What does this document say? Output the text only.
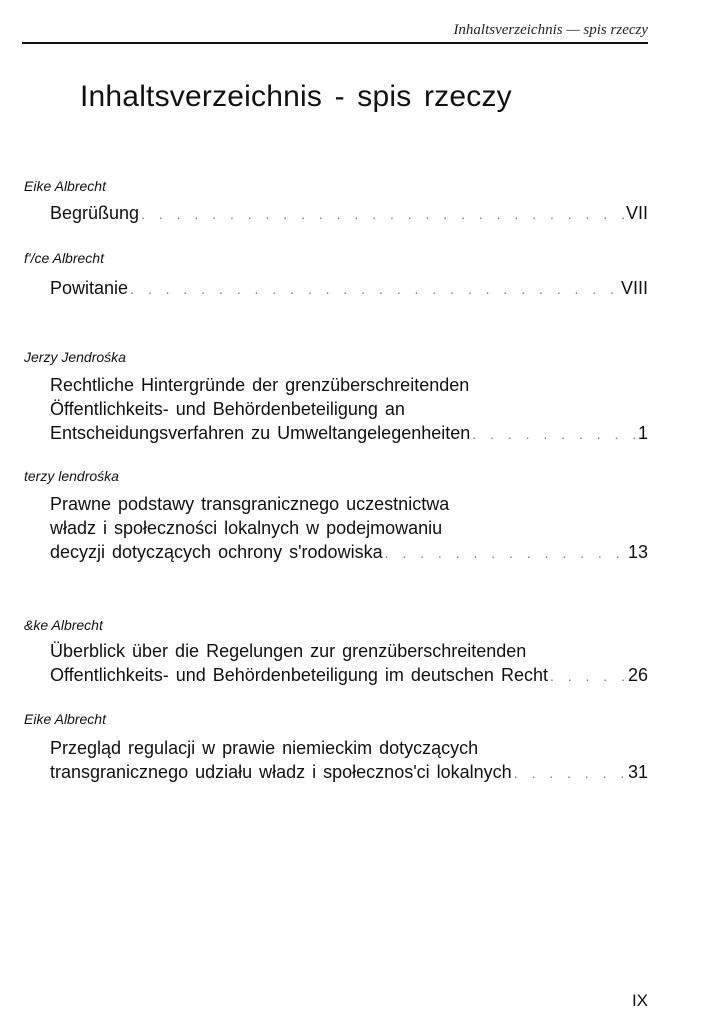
Inhaltsverzeichnis — spis rzeczy
Inhaltsverzeichnis - spis rzeczy
Eike Albrecht
Begrüßung . . .	VII
f'/ce Albrecht
Powitanie . . .	VIII
Jerzy Jendrośka
Rechtliche Hintergründe der grenzüberschreitenden
Öffentlichkeits- und Behördenbeteiligung an
Entscheidungsverfahren zu Umweltangelegenheiten . . .	1
terzy lendrośka
Prawne podstawy transgranicznego uczestnictwa
władz i społeczności lokalnych w podejmowaniu
decyzji dotyczących ochrony s'rodowiska . . .	13
&ke Albrecht
Überblick über die Regelungen zur grenzüberschreitenden
Offentlichkeits- und Behördenbeteiligung im deutschen Recht . . .	26
Eike Albrecht
Przegląd regulacji w prawie niemieckim dotyczących
transgranicznego udziału władz i społecznos'ci lokalnych . . .	31
IX
